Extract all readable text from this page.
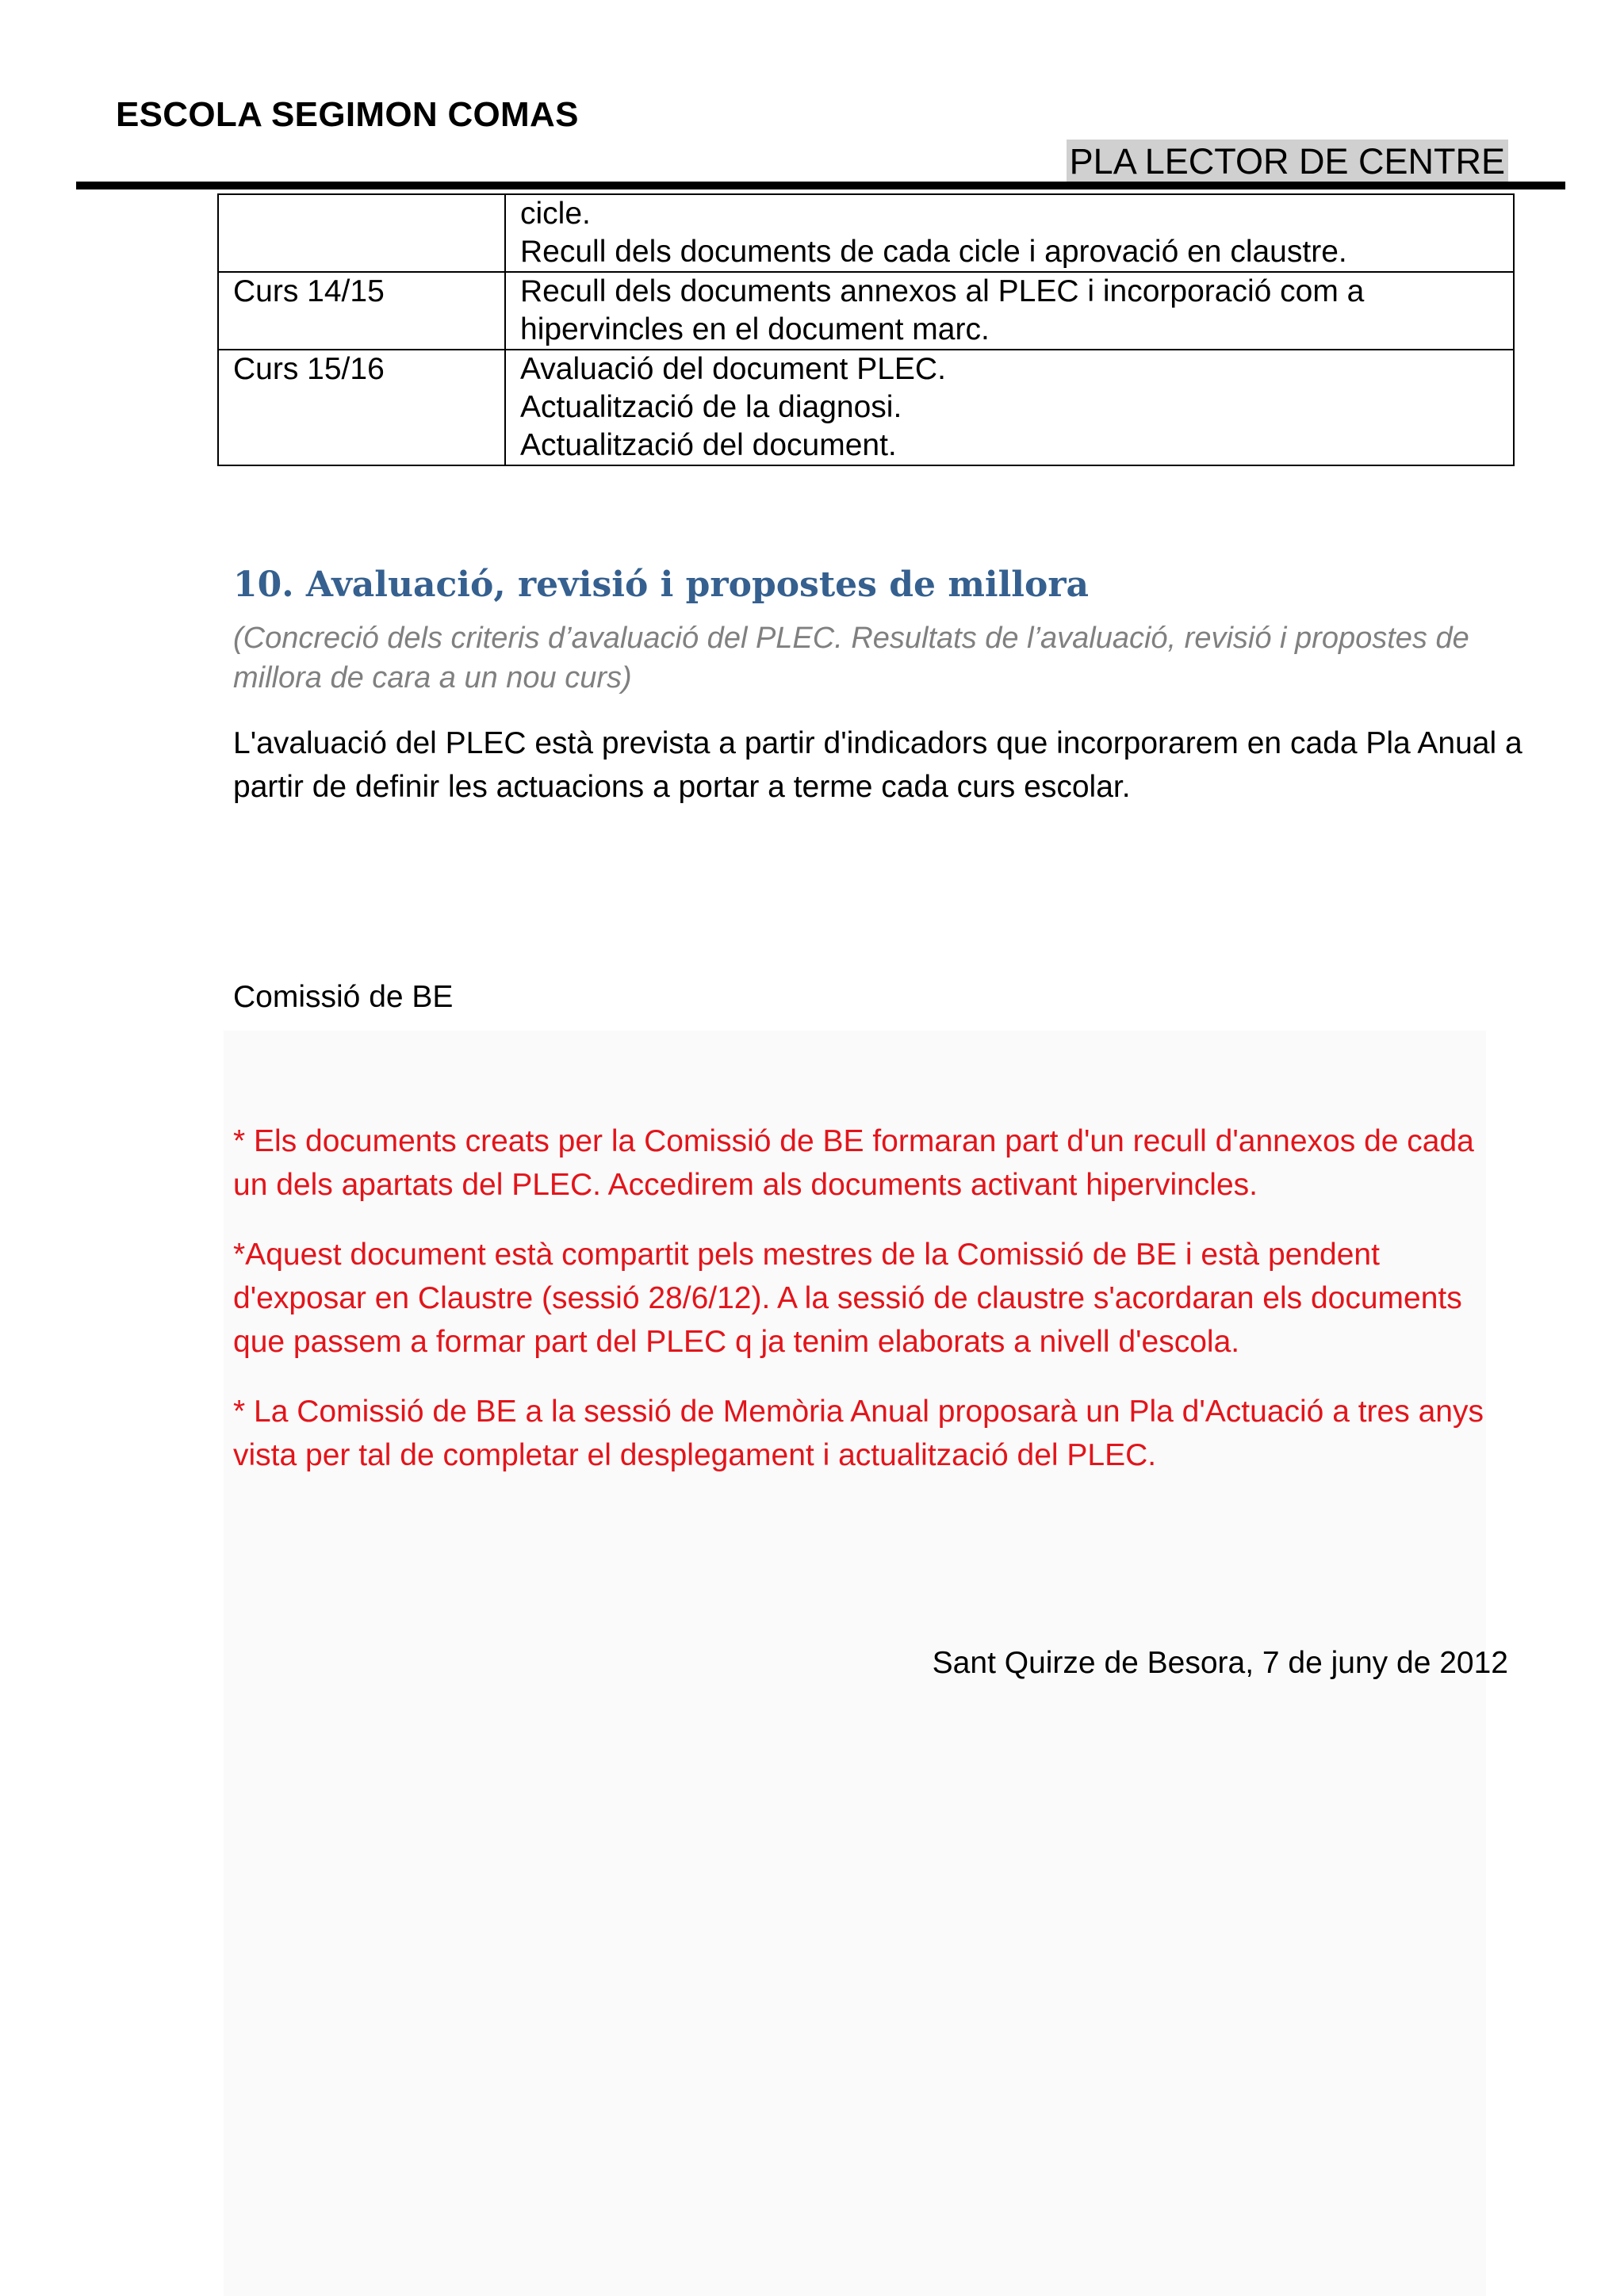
ESCOLA SEGIMON COMAS
PLA LECTOR DE CENTRE

	cicle.
Recull dels documents de cada cicle i aprovació en claustre.

Curs 14/15	Recull dels documents annexos al PLEC i incorporació com a
hipervincles en el document marc.

Curs 15/16	Avaluació del document PLEC.
Actualització de la diagnosi.
Actualització del document.
10. Avaluació, revisió i propostes de millora
(Concreció dels criteris d’avaluació del PLEC. Resultats de l’avaluació, revisió i propostes de millora de cara a un nou curs)
L'avaluació del PLEC està prevista a partir d'indicadors que incorporarem en cada Pla Anual a partir de definir les actuacions a portar a terme cada curs escolar.
Comissió de BE

* Els documents creats per la Comissió de BE formaran part d'un recull d'annexos de cada un dels apartats del PLEC. Accedirem als documents activant hipervincles.

*Aquest document està compartit pels mestres de la Comissió de BE i està pendent d'exposar en Claustre (sessió 28/6/12). A la sessió de claustre s'acordaran els documents que passem a formar part del PLEC q ja tenim elaborats a nivell d'escola.

* La Comissió de BE a la sessió de Memòria Anual proposarà un Pla d'Actuació a tres anys vista per tal de completar el desplegament i actualització del PLEC.

Sant Quirze de Besora, 7 de juny de 2012
